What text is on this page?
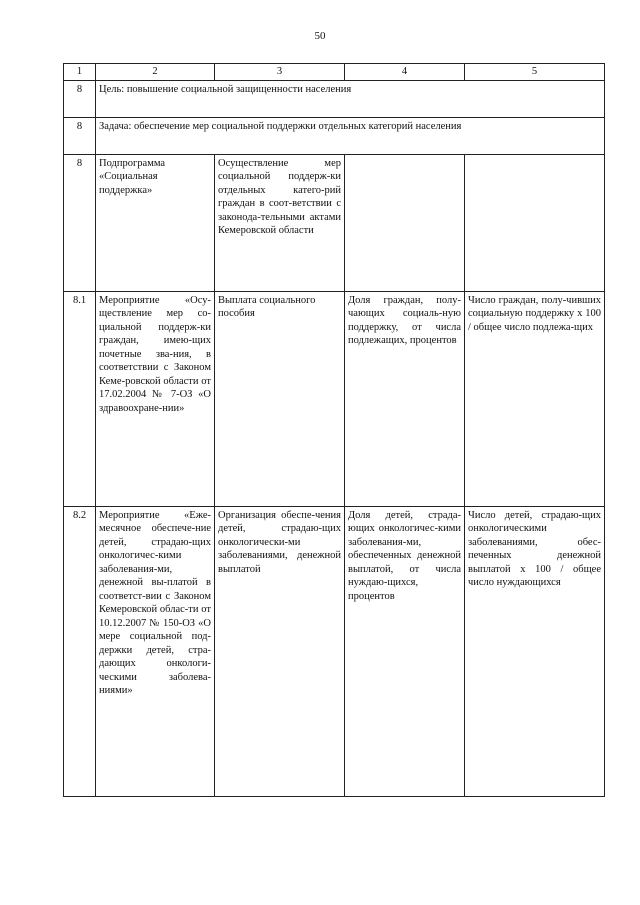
50
1	2	3	4	5
8	Цель: повышение социальной защищенности населения			
8	Задача: обеспечение мер социальной поддержки отдельных категорий населения			
8	Подпрограмма «Социальная поддержка»	Осуществление мер социальной поддерж-ки отдельных катего-рий граждан в соот-ветствии с законода-тельными актами Кемеровской области		
8.1	Мероприятие «Осу-ществление мер со-циальной поддерж-ки граждан, имею-щих почетные зва-ния, в соответствии с Законом Кеме-ровской области от 17.02.2004 № 7-ОЗ «О здравоохране-нии»	Выплата социального пособия	Доля граждан, полу-чающих социаль-ную поддержку, от числа подлежащих, процентов	Число граждан, полу-чивших социальную поддержку х 100 / общее число подлежа-щих
8.2	Мероприятие «Еже-месячное обеспече-ние детей, страдаю-щих онкологичес-кими заболевания-ми, денежной вы-платой в соответст-вии с Законом Кемеровской облас-ти от 10.12.2007 № 150-ОЗ «О мере социальной под-держки детей, стра-дающих онкологи-ческими заболева-ниями»	Организация обеспе-чения детей, страдаю-щих онкологически-ми заболеваниями, денежной выплатой	Доля детей, страда-ющих онкологичес-кими заболевания-ми, обеспеченных денежной выплатой, от числа нуждаю-щихся, процентов	Число детей, страдаю-щих онкологическими заболеваниями, обес-печенных денежной выплатой х 100 / общее число нуждающихся
